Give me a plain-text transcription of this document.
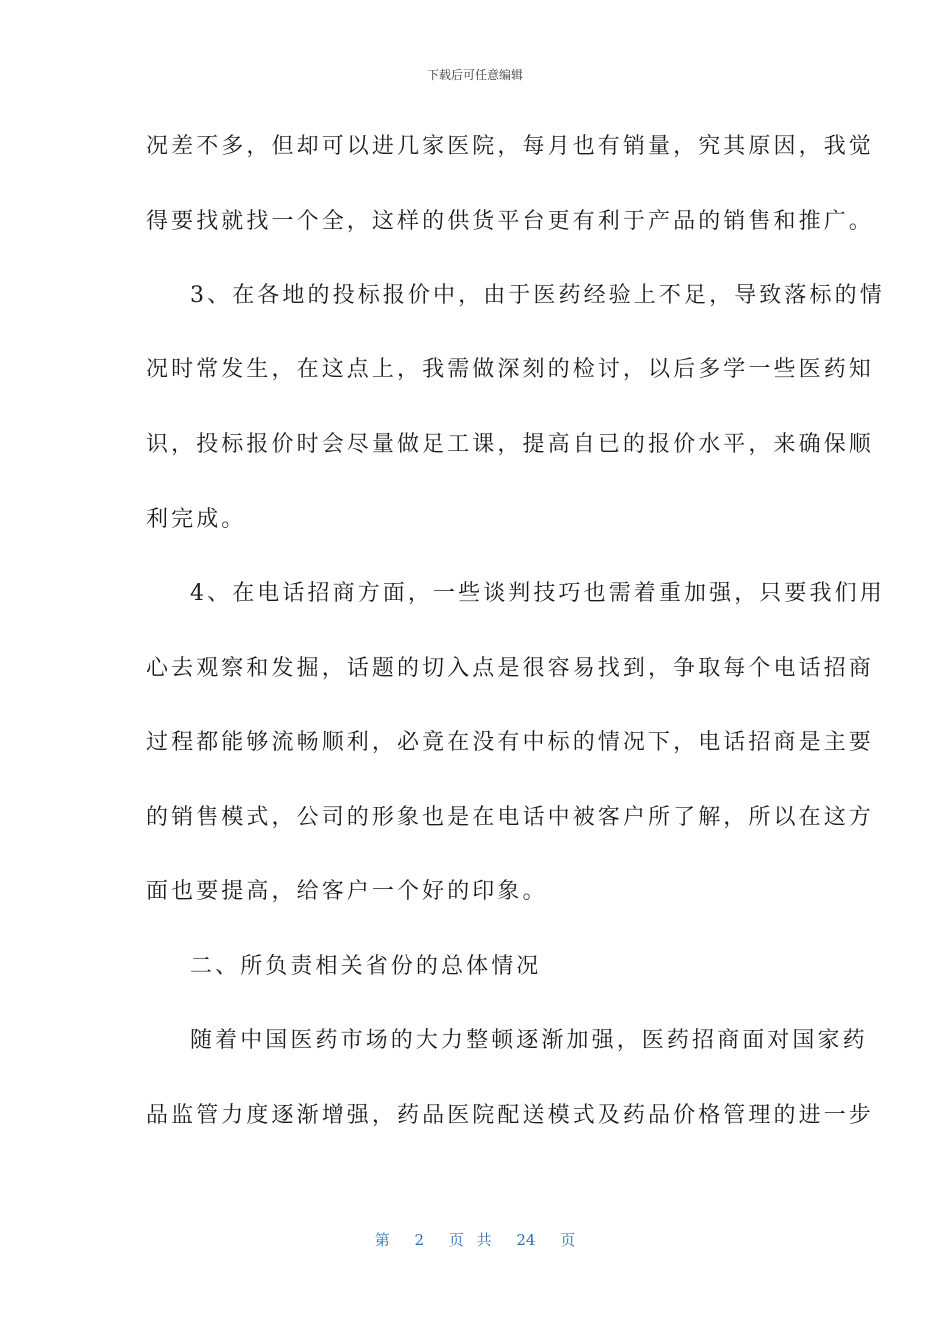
下载后可任意编辑
况差不多，但却可以进几家医院，每月也有销量，究其原因，我觉
得要找就找一个全，这样的供货平台更有利于产品的销售和推广。
3、在各地的投标报价中，由于医药经验上不足，导致落标的情
况时常发生，在这点上，我需做深刻的检讨，以后多学一些医药知
识，投标报价时会尽量做足工课，提高自已的报价水平，来确保顺
利完成。
4、在电话招商方面，一些谈判技巧也需着重加强，只要我们用
心去观察和发掘，话题的切入点是很容易找到，争取每个电话招商
过程都能够流畅顺利，必竟在没有中标的情况下，电话招商是主要
的销售模式，公司的形象也是在电话中被客户所了解，所以在这方
面也要提高，给客户一个好的印象。
二、所负责相关省份的总体情况
随着中国医药市场的大力整顿逐渐加强，医药招商面对国家药
品监管力度逐渐增强，药品医院配送模式及药品价格管理的进一步
第 2 页 共 24 页
